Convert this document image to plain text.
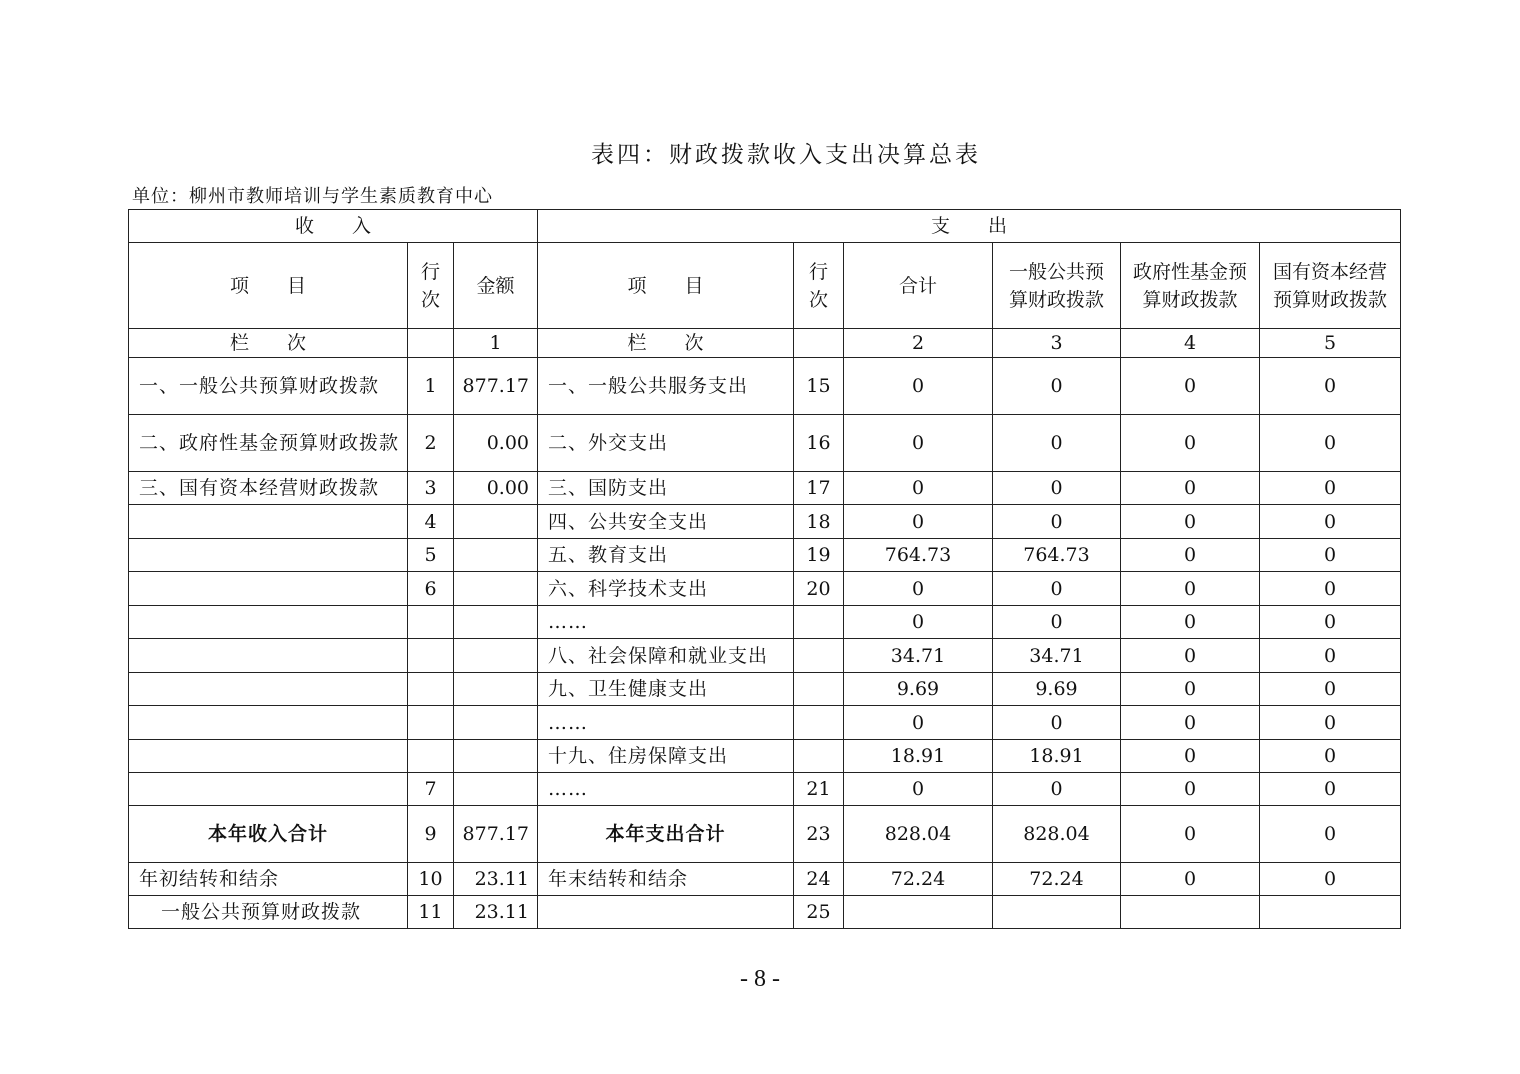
表四：财政拨款收入支出决算总表
单位：柳州市教师培训与学生素质教育中心
收　　入			支　　出					
项　　目	行次	金额	项　　目	行次	合计	一般公共预算财政拨款	政府性基金预算财政拨款	国有资本经营预算财政拨款
栏　　次		1	栏　　次		2	3	4	5
一、一般公共预算财政拨款	1	877.17	一、一般公共服务支出	15	0	0	0	0
二、政府性基金预算财政拨款	2	0.00	二、外交支出	16	0	0	0	0
三、国有资本经营财政拨款	3	0.00	三、国防支出	17	0	0	0	0
	4		四、公共安全支出	18	0	0	0	0
	5		五、教育支出	19	764.73	764.73	0	0
	6		六、科学技术支出	20	0	0	0	0
			……		0	0	0	0
			八、社会保障和就业支出		34.71	34.71	0	0
			九、卫生健康支出		9.69	9.69	0	0
			……		0	0	0	0
			十九、住房保障支出		18.91	18.91	0	0
	7		……	21	0	0	0	0
本年收入合计	9	877.17	本年支出合计	23	828.04	828.04	0	0
年初结转和结余	10	23.11	年末结转和结余	24	72.24	72.24	0	0
一般公共预算财政拨款	11	23.11		25				
- 8 -
